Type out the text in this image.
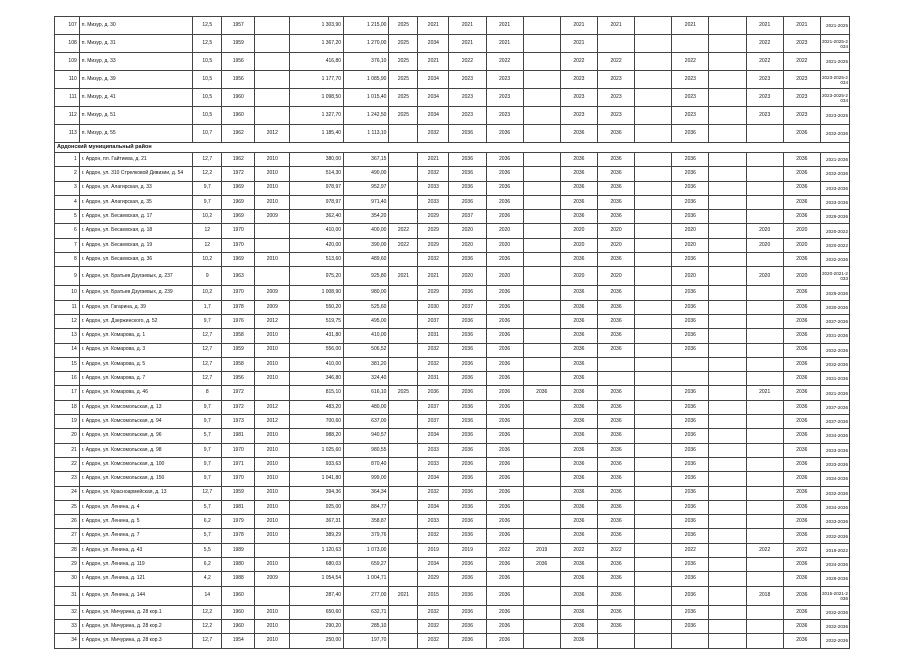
107	п. Мизур, д. 30	12,5	1957		1 303,90	1 215,00	2025	2021	2021	2021		2021	2021		2021		2021	2021	2021-2025
108	п. Мизур, д. 31	12,5	1959		1 367,20	1 270,00	2025	2034	2021	2021		2021					2022	2023	2021-2025-2034
109	п. Мизур, д. 33	10,5	1956		416,80	376,10	2025	2021	2022	2022		2022	2022		2022		2022	2022	2021-2025
110	п. Мизур, д. 39	10,5	1956		1 177,70	1 085,90	2025	2034	2023	2023		2023	2023		2023		2023	2023	2023-2025-2034
111	п. Мизур, д. 41	10,5	1960		1 098,50	1 015,40	2025	2034	2023	2023		2023	2023		2023		2023	2023	2023-2025-2034
112	п. Мизур, д. 51	10,5	1960		1 327,70	1 242,50	2025	2034	2023	2023		2023	2023		2023		2023	2023	2023-2025
113	п. Мизур, д. 55	10,7	1962	2012	1 185,40	1 113,10		2032	2036	2036		2036	2036		2036			2036	2032-2036
Ардонский муниципальный район																			
1	г. Ардон, пл. Гайтиева, д. 21	12,7	1962	2010	380,00	367,15		2021	2036	2036		2036	2036		2036			2036	2021-2036
2	г. Ардон, ул. 310 Стрелковой Дивизии, д. 54	12,2	1972	2010	514,30	490,00		2032	2036	2036		2036	2036		2036			2036	2032-2036
3	г. Ардон, ул. Алагирская, д. 33	9,7	1969	2010	978,97	952,97		2033	2036	2036		2036	2036		2036			2036	2033-2036
4	г. Ардон, ул. Алагирская, д. 35	9,7	1969	2010	978,97	971,40		2033	2036	2036		2036	2036		2036			2036	2033-2036
5	г. Ардон, ул. Бесаевская, д. 17	10,2	1969	2009	362,40	354,20		2029	2037	2036		2036	2036		2036			2036	2029-2036
6	г. Ардон, ул. Бесаевская, д. 18	12	1970		410,00	400,00	2022	2029	2020	2020		2020	2020		2020		2020	2020	2020-2022
7	г. Ардон, ул. Бесаевская, д. 19	12	1970		420,00	390,00	2022	2029	2020	2020		2020	2020		2020		2020	2020	2020-2022
8	г. Ардон, ул. Бесаевская, д. 36	10,2	1969	2010	513,60	489,60		2032	2036	2036		2036	2036		2036			2036	2032-2036
9	г. Ардон, ул. Братьев Дзугаевых, д. 237	9	1963		975,20	925,80	2021	2021	2020	2020		2020	2020		2020		2020	2020	2020-2021-2033
10	г. Ардон, ул. Братьев Дзугаевых, д. 239	10,2	1970	2009	1 008,90	980,00		2029	2036	2036		2036	2036		2036			2036	2029-2036
11	г. Ардон, ул. Гагарина, д. 39	1,7	1978	2009	550,20	525,60		2030	2037	2036		2036	2036		2036			2036	2030-2036
12	г. Ардон, ул. Дзержинского, д. 52	9,7	1976	2012	519,75	495,00		2037	2036	2036		2036	2036		2036			2036	2037-2036
13	г. Ардон, ул. Комарова, д. 1	12,7	1958	2010	431,80	410,00		2031	2036	2036		2036	2036		2036			2036	2031-2036
14	г. Ардон, ул. Комарова, д. 3	12,7	1959	2010	556,00	506,52		2032	2036	2036		2036	2036		2036			2036	2032-2036
15	г. Ардон, ул. Комарова, д. 5	12,7	1958	2010	410,00	381,20		2032	2036	2036		2036						2036	2032-2036
16	г. Ардон, ул. Комарова, д. 7	12,7	1956	2010	346,80	324,40		2031	2036	2036		2036						2036	2031-2036
17	г. Ардон, ул. Комарова, д. 46	8	1972		815,10	616,10	2025	2036	2036	2036	2036	2036	2036		2036		2021	2036	2021-2036
18	г. Ардон, ул. Комсомольская, д. 13	9,7	1972	2012	483,20	480,00		2037	2036	2036		2036	2036		2036			2036	2037-2036
19	г. Ардон, ул. Комсомольская, д. 94	9,7	1973	2012	700,60	637,00		2037	2036	2036		2036	2036		2036			2036	2037-2036
20	г. Ардон, ул. Комсомольская, д. 96	5,7	1981	2010	988,20	940,57		2034	2036	2036		2036	2036		2036			2036	2034-2036
21	г. Ардон, ул. Комсомольская, д. 98	9,7	1970	2010	1 025,60	980,55		2033	2036	2036		2036	2036		2036			2036	2033-2036
22	г. Ардон, ул. Комсомольская, д. 100	9,7	1971	2010	933,63	870,40		2033	2036	2036		2036	2036		2036			2036	2033-2036
23	г. Ардон, ул. Комсомольская, д. 150	9,7	1970	2010	1 041,80	999,00		2034	2036	2036		2036	2036		2036			2036	2034-2036
24	г. Ардон, ул. Красноармейская, д. 13	12,7	1959	2010	394,36	364,34		2032	2036	2036		2036	2036		2036			2036	2032-2036
25	г. Ардон, ул. Ленина, д. 4	5,7	1981	2010	925,00	884,77		2034	2036	2036		2036	2036		2036			2036	2034-2036
26	г. Ардон, ул. Ленина, д. 5	6,2	1979	2010	367,31	358,87		2033	2036	2036		2036	2036		2036			2036	2033-2036
27	г. Ардон, ул. Ленина, д. 7	5,7	1978	2010	389,29	379,76		2032	2036	2036		2036	2036		2036			2036	2032-2036
28	г. Ардон, ул. Ленина, д. 43	5,5	1989		1 120,63	1 073,00		2019	2019	2022	2019	2022	2022		2022		2022	2022	2019-2022
29	г. Ардон, ул. Ленина, д. 119	6,2	1980	2010	680,03	659,27		2034	2036	2036	2036	2036	2036		2036			2036	2034-2036
30	г. Ардон, ул. Ленина, д. 121	4,2	1988	2009	1 054,54	1 004,71		2029	2036	2036		2036	2036		2036			2036	2029-2036
31	г. Ардон, ул. Ленина, д. 144	14	1960		287,40	277,00	2021	2015	2036	2036		2036	2036		2036		2018	2036	2015-2021-2036
32	г. Ардон, ул. Мичурина, д. 28 кор.1	12,2	1960	2010	650,60	632,71		2032	2036	2036		2036	2036		2036			2036	2032-2036
33	г. Ардон, ул. Мичурина, д. 28 кор.2	12,2	1960	2010	290,20	285,10		2032	2036	2036		2036	2036		2036			2036	2032-2036
34	г. Ардон, ул. Мичурина, д. 28 кор.3	12,7	1954	2010	250,00	197,70		2032	2036	2036		2036						2036	2032-2036
